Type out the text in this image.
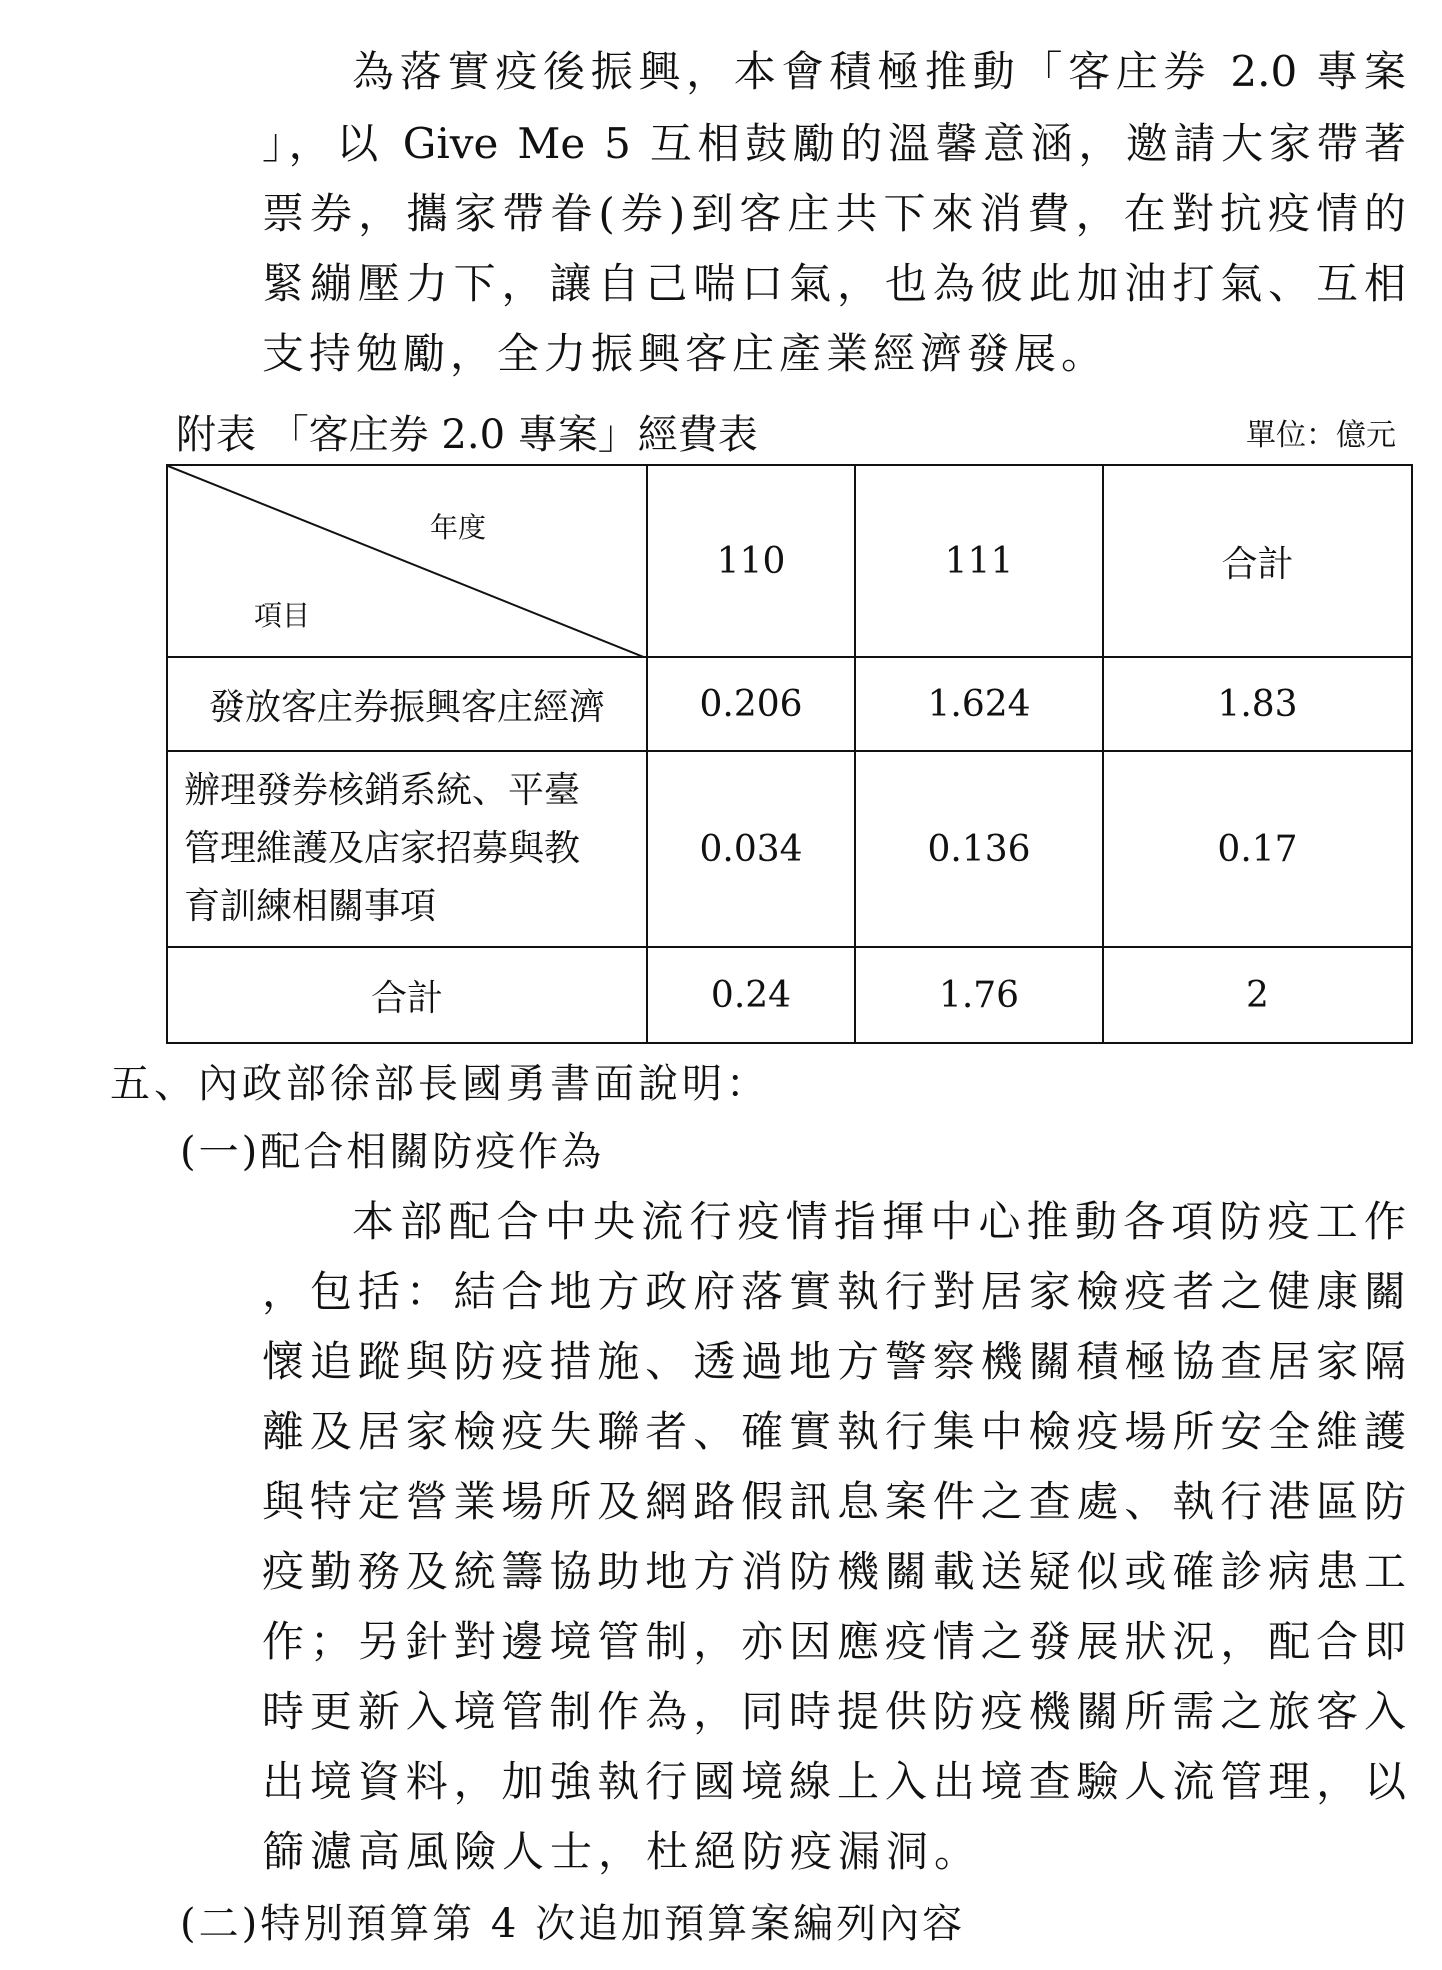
為落實疫後振興，本會積極推動「客庄券 2.0 專案
」，以 Give Me 5 互相鼓勵的溫馨意涵，邀請大家帶著
票券，攜家帶眷(券)到客庄共下來消費，在對抗疫情的
緊繃壓力下，讓自己喘口氣，也為彼此加油打氣、互相
支持勉勵，全力振興客庄產業經濟發展。
附表 「客庄券 2.0 專案」經費表	單位：億元
年度
項目	110	111	合計
發放客庄券振興客庄經濟	0.206	1.624	1.83

辦理發券核銷系統、平臺
管理維護及店家招募與教
育訓練相關事項	0.034	0.136	0.17
合計	0.24	1.76	2
五、內政部徐部長國勇書面說明：
(一)配合相關防疫作為
本部配合中央流行疫情指揮中心推動各項防疫工作
，包括：結合地方政府落實執行對居家檢疫者之健康關
懷追蹤與防疫措施、透過地方警察機關積極協查居家隔
離及居家檢疫失聯者、確實執行集中檢疫場所安全維護
與特定營業場所及網路假訊息案件之查處、執行港區防
疫勤務及統籌協助地方消防機關載送疑似或確診病患工
作；另針對邊境管制，亦因應疫情之發展狀況，配合即
時更新入境管制作為，同時提供防疫機關所需之旅客入
出境資料，加強執行國境線上入出境查驗人流管理，以
篩濾高風險人士，杜絕防疫漏洞。
(二)特別預算第 4 次追加預算案編列內容
